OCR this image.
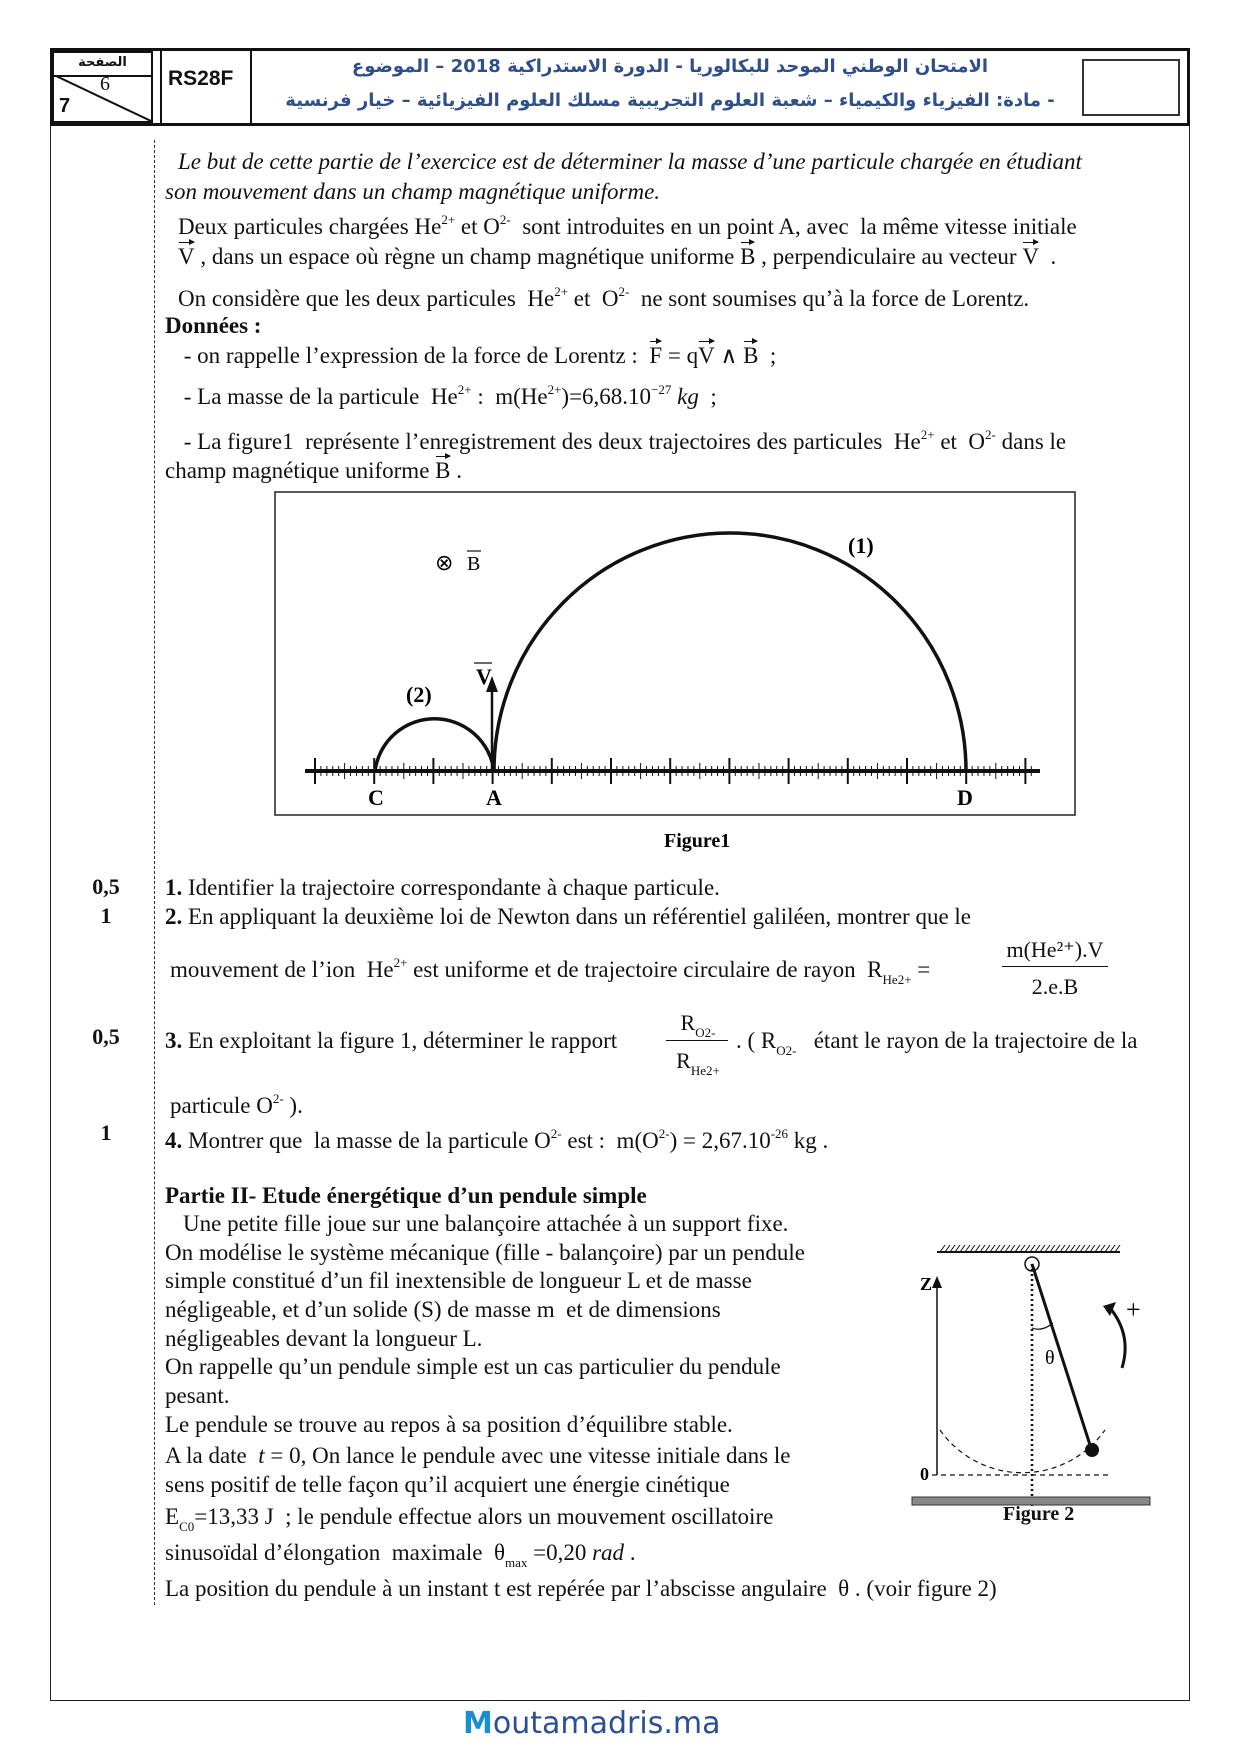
الصفحة
6
7
RS28F
الامتحان الوطني الموحد للبكالوريا - الدورة الاستدراكية 2018 – الموضوع
- مادة: الفيزياء والكيمياء – شعبة العلوم التجريبية مسلك العلوم الفيزيائية – خيار فرنسية
0,5
1
0,5
1
Le but de cette partie de l’exercice est de déterminer la masse d’une particule chargée en étudiant
son mouvement dans un champ magnétique uniforme.
Deux particules chargées $He^{2+}$ et $O^{2-}$  sont introduites en un point A, avec  la même vitesse initiale
V , dans un espace où règne un champ magnétique uniforme B , perpendiculaire au vecteur V  .
On considère que les deux particules  $He^{2+}$ et  $O^{2-}$  ne sont soumises qu’à la force de Lorentz.
Données :
- on rappelle l’expression de la force de Lorentz :  F = qV ∧ B  ;
- La masse de la particule  $He^{2+}$ :  $m(He^{2+})=6,68.10^{-27}$ kg  ;
- La figure1  représente l’enregistrement des deux trajectoires des particules  $He^{2+}$ et  $O^{2-}$ dans le
champ magnétique uniforme B .
1. Identifier la trajectoire correspondante à chaque particule.
2. En appliquant la deuxième loi de Newton dans un référentiel galiléen, montrer que le
mouvement de l’ion  $He^{2+}$ est uniforme et de trajectoire circulaire de rayon  $R_{He2+}$ =
3. En exploitant la figure 1, déterminer le rapport	. ( $R_{O2-}$   étant le rayon de la trajectoire de la
particule $O^{2-}$ ).
4. Montrer que  la masse de la particule $O^{2-}$ est :  $m(O^{2-}) = 2,67.10^{-26}$ kg .
Partie II- Etude énergétique d’un pendule simple
Une petite fille joue sur une balançoire attachée à un support fixe.
On modélise le système mécanique (fille - balançoire) par un pendule
simple constitué d’un fil inextensible de longueur L et de masse
négligeable, et d’un solide (S) de masse m  et de dimensions
négligeables devant la longueur L.
On rappelle qu’un pendule simple est un cas particulier du pendule
pesant.
Le pendule se trouve au repos à sa position d’équilibre stable.
A la date  t = 0, On lance le pendule avec une vitesse initiale dans le
sens positif de telle façon qu’il acquiert une énergie cinétique
$E_{C0}=13,33$ J  ; le pendule effectue alors un mouvement oscillatoire
sinusoïdal d’élongation  maximale  $\theta_{max} =0,20$ rad .
La position du pendule à un instant t est repérée par l’abscisse angulaire  θ . (voir figure 2)
m(He²⁺).V
2.e.B
$R_{O2-}$
$R_{He2+}$
⊗ B
V
(2)
(1)
C	A	D
Figure1
Z
0
θ
+
Figure 2
Moutamadris.ma
